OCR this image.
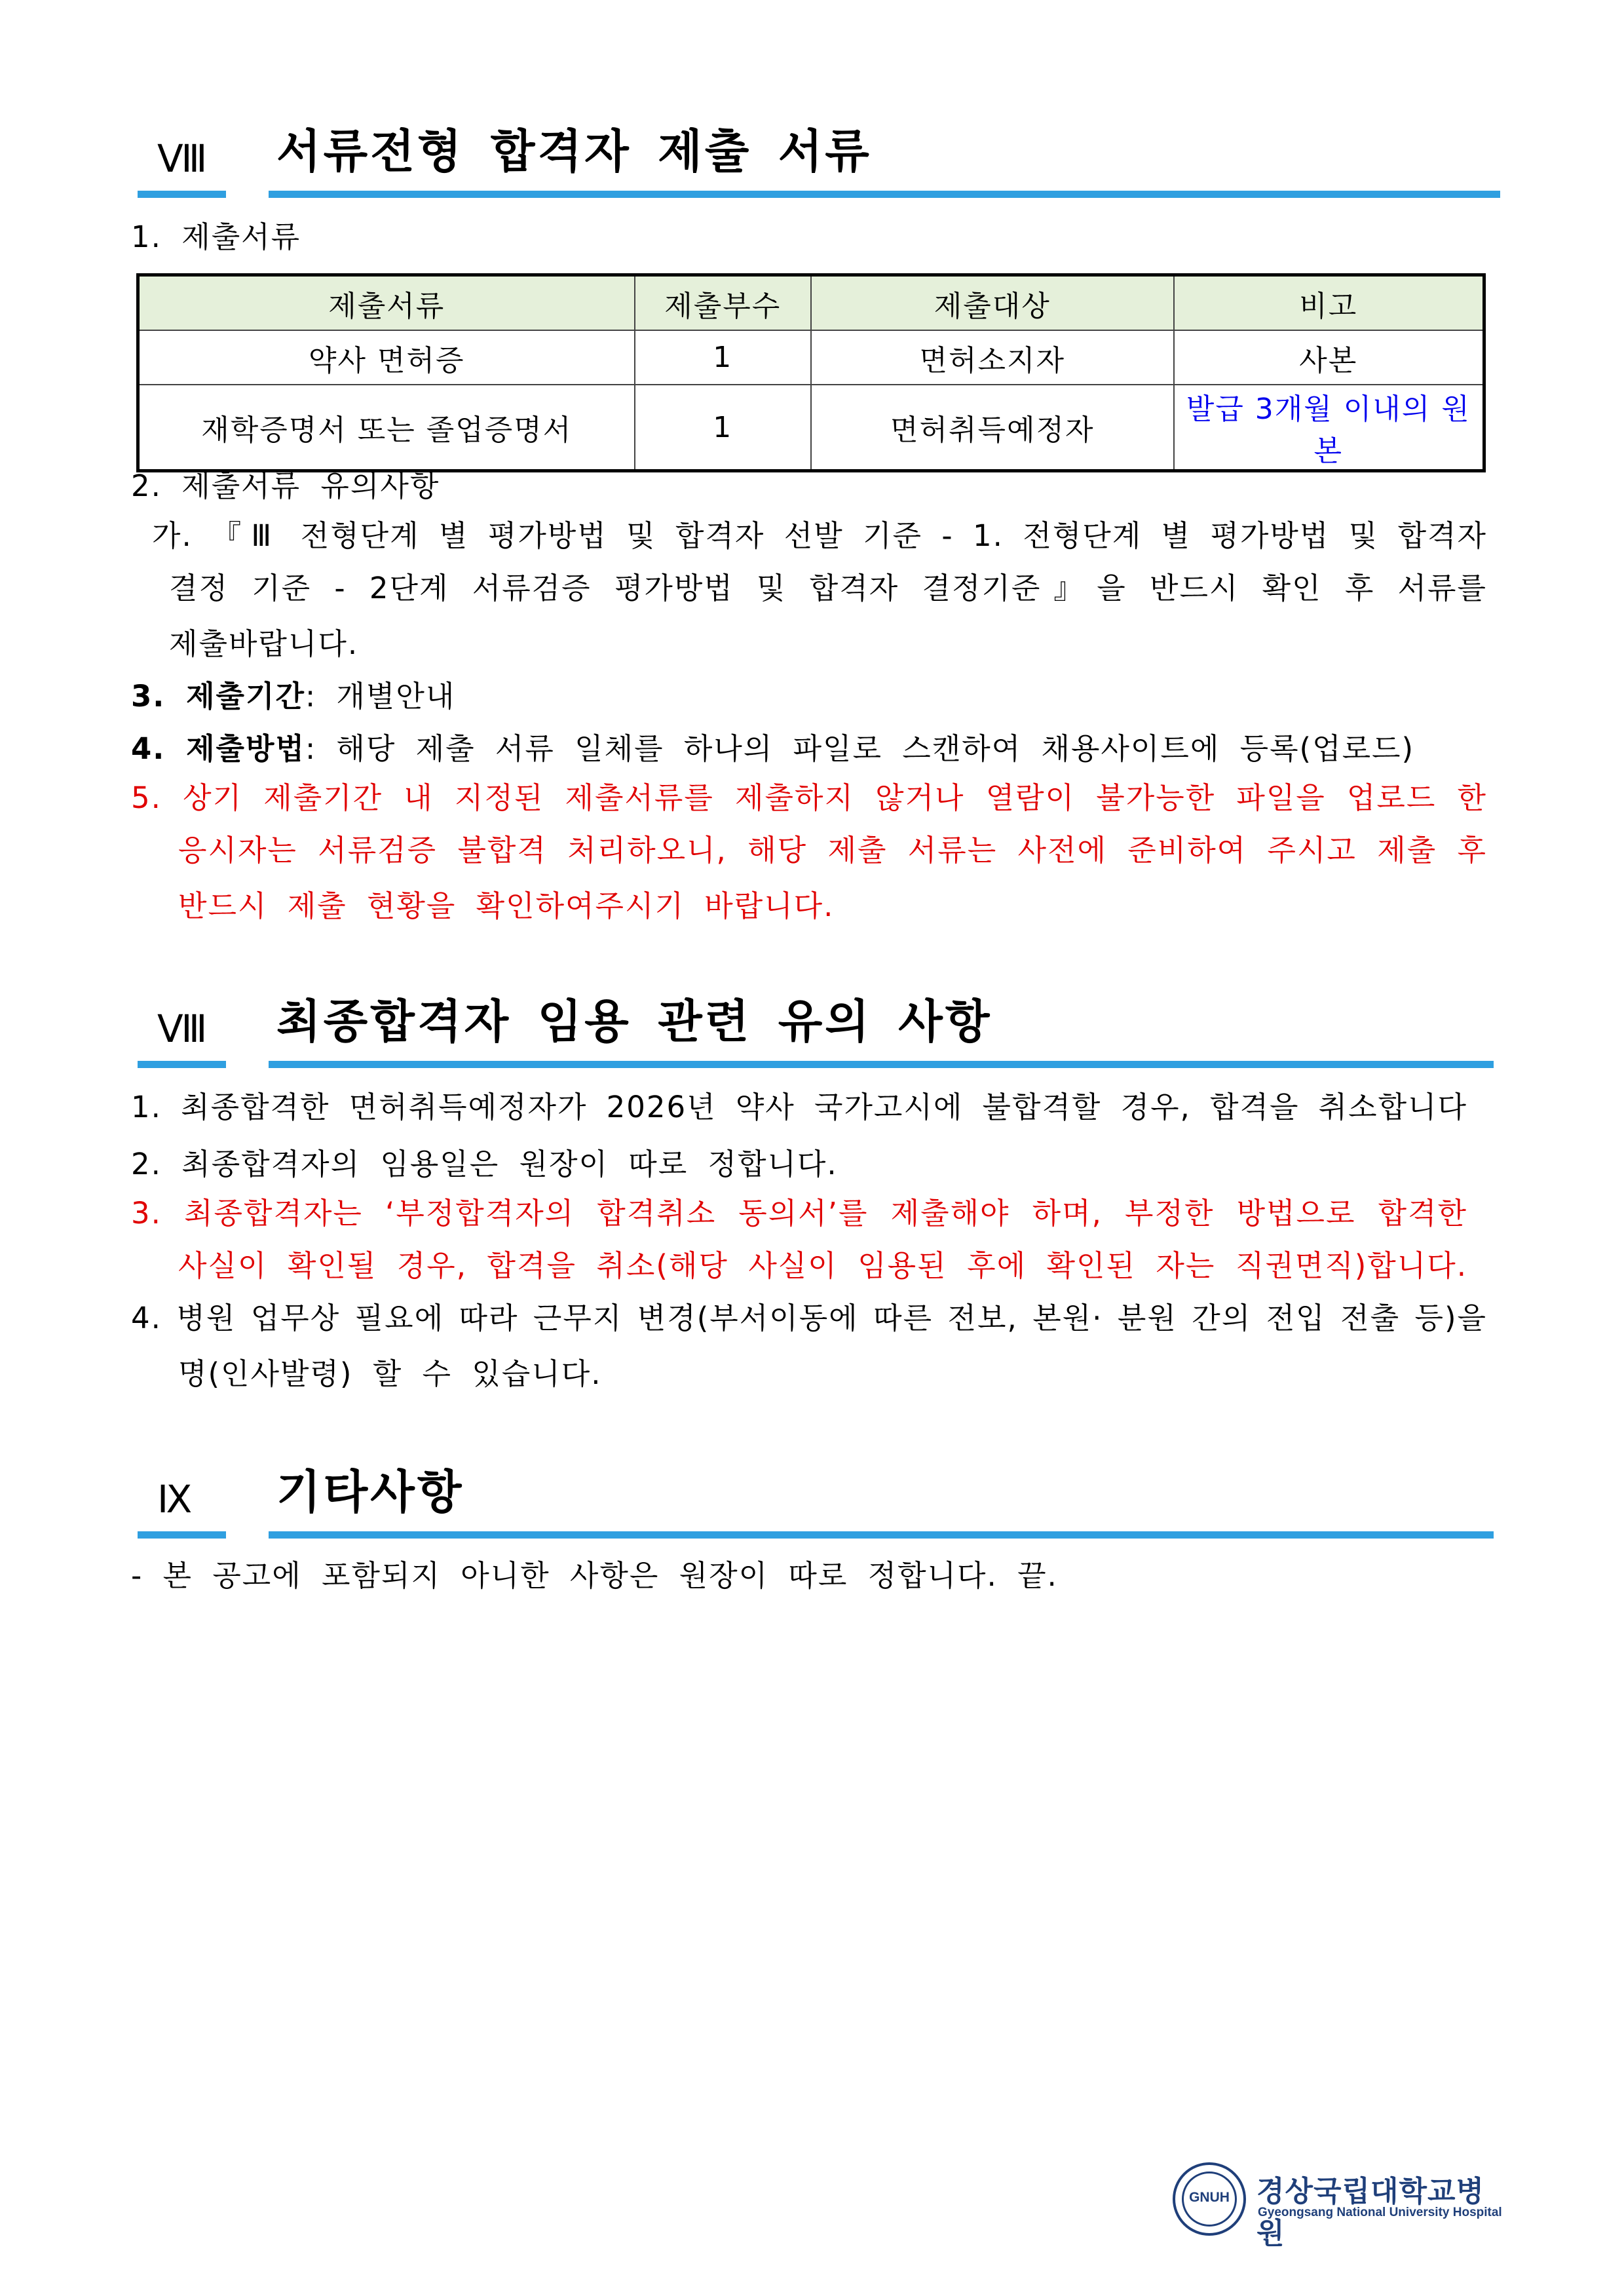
Ⅷ 서류전형 합격자 제출 서류
1. 제출서류
제출서류	제출부수	제출대상	비고
약사 면허증	1	면허소지자	사본
재학증명서 또는 졸업증명서	1	면허취득예정자	발급 3개월 이내의 원본
2. 제출서류 유의사항
가. 『Ⅲ 전형단계 별 평가방법 및 합격자 선발 기준 - 1. 전형단계 별 평가방법 및 합격자
결정 기준 - 2단계 서류검증 평가방법 및 합격자 결정기준』을 반드시 확인 후 서류를
제출바랍니다.
3. 제출기간: 개별안내
4. 제출방법: 해당 제출 서류 일체를 하나의 파일로 스캔하여 채용사이트에 등록(업로드)
5. 상기 제출기간 내 지정된 제출서류를 제출하지 않거나 열람이 불가능한 파일을 업로드 한
응시자는 서류검증 불합격 처리하오니, 해당 제출 서류는 사전에 준비하여 주시고 제출 후
반드시 제출 현황을 확인하여주시기 바랍니다.
Ⅷ 최종합격자 임용 관련 유의 사항
1. 최종합격한 면허취득예정자가 2026년 약사 국가고시에 불합격할 경우, 합격을 취소합니다
2. 최종합격자의 임용일은 원장이 따로 정합니다.
3. 최종합격자는 ‘부정합격자의 합격취소 동의서’를 제출해야 하며, 부정한 방법으로 합격한
사실이 확인될 경우, 합격을 취소(해당 사실이 임용된 후에 확인된 자는 직권면직)합니다.
4. 병원 업무상 필요에 따라 근무지 변경(부서이동에 따른 전보, 본원· 분원 간의 전입 전출 등)을
명(인사발령) 할 수 있습니다.
Ⅸ 기타사항
- 본 공고에 포함되지 아니한 사항은 원장이 따로 정합니다. 끝.
GNUH 경상국립대학교병원
Gyeongsang National University Hospital
